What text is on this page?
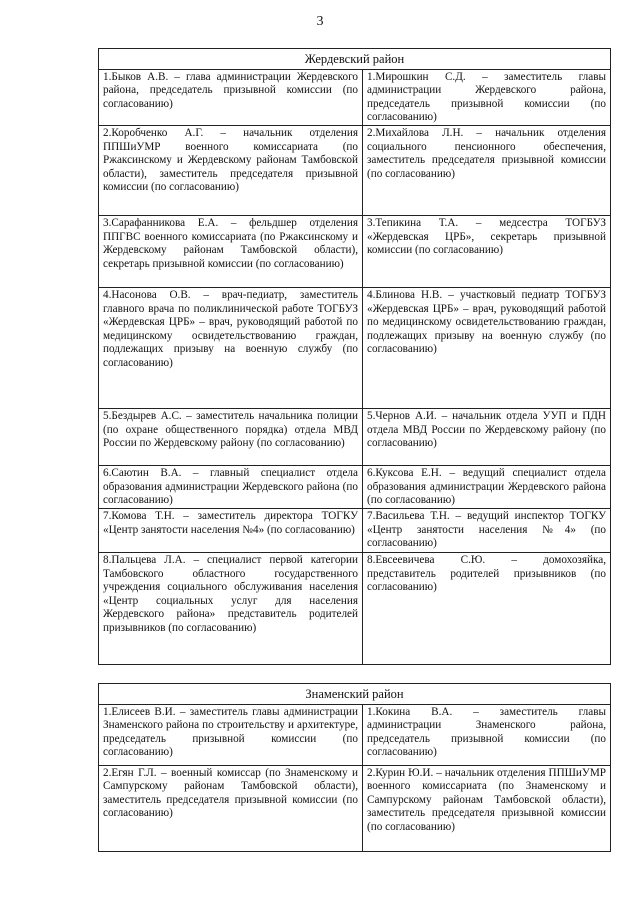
3
Жердевский район	
1.Быков А.В. – глава администрации Жердевского района, председатель призывной комиссии (по согласованию)	1.Мирошкин С.Д. – заместитель главы администрации Жердевского района, председатель призывной комиссии (по согласованию)
2.Коробченко А.Г. – начальник отделения ППШиУМР военного комиссариата (по Ржаксинскому и Жердевскому районам Тамбовской области), заместитель председателя призывной комиссии (по согласованию)	2.Михайлова Л.Н. – начальник отделения социального пенсионного обеспечения, заместитель председателя призывной комиссии (по согласованию)
3.Сарафанникова Е.А. – фельдшер отделения ППГВС военного комиссариата (по Ржаксинскому и Жердевскому районам Тамбовской области), секретарь призывной комиссии (по согласованию)	3.Тепикина Т.А. – медсестра ТОГБУЗ «Жердевская ЦРБ», секретарь призывной комиссии (по согласованию)
4.Насонова О.В. – врач-педиатр, заместитель главного врача по поликлинической работе ТОГБУЗ «Жердевская ЦРБ» – врач, руководящий работой по медицинскому освидетельствованию граждан, подлежащих призыву на военную службу (по согласованию)	4.Блинова Н.В. – участковый педиатр ТОГБУЗ «Жердевская ЦРБ» – врач, руководящий работой по медицинскому освидетельствованию граждан, подлежащих призыву на военную службу (по согласованию)
5.Бездырев А.С. – заместитель начальника полиции (по охране общественного порядка) отдела МВД России по Жердевскому району (по согласованию)	5.Чернов А.И. – начальник отдела УУП и ПДН отдела МВД России по Жердевскому району (по согласованию)
6.Саютин В.А. – главный специалист отдела образования администрации Жердевского района (по согласованию)	6.Куксова Е.Н. – ведущий специалист отдела образования администрации Жердевского района (по согласованию)
7.Комова Т.Н. – заместитель директора ТОГКУ «Центр занятости населения №4» (по согласованию)	7.Васильева Т.Н. – ведущий инспектор ТОГКУ «Центр занятости населения №4» (по согласованию)
8.Пальцева Л.А. – специалист первой категории Тамбовского областного государственного учреждения социального обслуживания населения «Центр социальных услуг для населения Жердевского района» представитель родителей призывников (по согласованию)	8.Евсеевичева С.Ю. – домохозяйка, представитель родителей призывников (по согласованию)
Знаменский район	
1.Елисеев В.И. – заместитель главы администрации Знаменского района по строительству и архитектуре, председатель призывной комиссии (по согласованию)	1.Кокина В.А. – заместитель главы администрации Знаменского района, председатель призывной комиссии (по согласованию)
2.Егян Г.Л. – военный комиссар (по Знаменскому и Сампурскому районам Тамбовской области), заместитель председателя призывной комиссии (по согласованию)	2.Курин Ю.И. – начальник отделения ППШиУМР военного комиссариата (по Знаменскому и Сампурскому районам Тамбовской области), заместитель председателя призывной комиссии (по согласованию)
